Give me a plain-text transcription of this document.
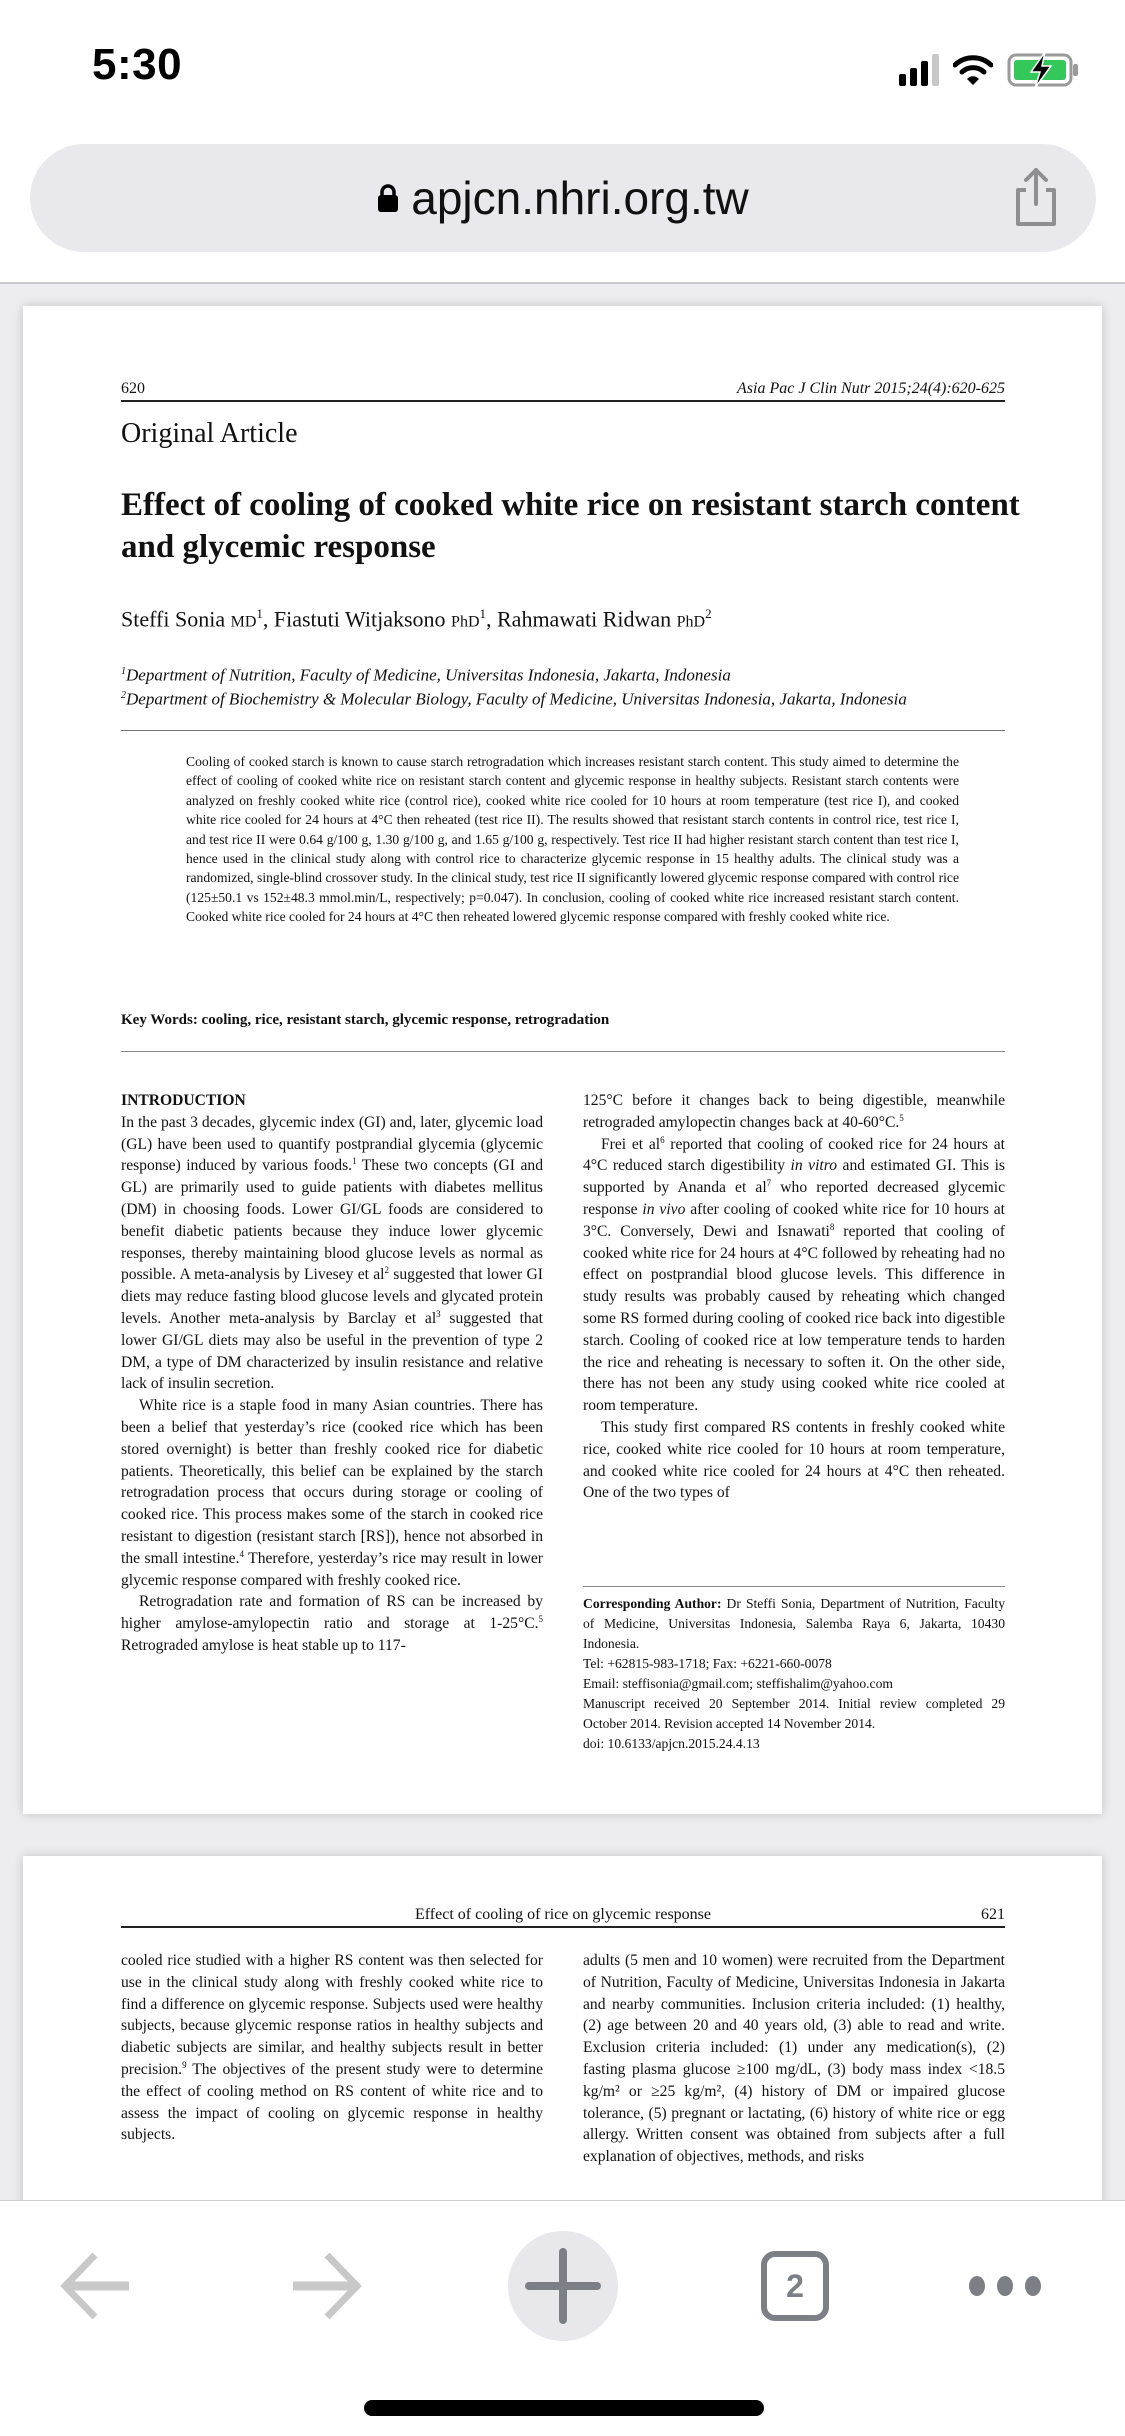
5:30
apjcn.nhri.org.tw
620	Asia Pac J Clin Nutr 2015;24(4):620-625
Original Article
Effect of cooling of cooked white rice on resistant starch content and glycemic response
Steffi Sonia $MD^1$, Fiastuti Witjaksono PhD$^1$, Rahmawati Ridwan PhD$^2$
$^1$Department of Nutrition, Faculty of Medicine, Universitas Indonesia, Jakarta, Indonesia
$^2$Department of Biochemistry & Molecular Biology, Faculty of Medicine, Universitas Indonesia, Jakarta, Indonesia
Cooling of cooked starch is known to cause starch retrogradation which increases resistant starch content. This study aimed to determine the effect of cooling of cooked white rice on resistant starch content and glycemic response in healthy subjects. Resistant starch contents were analyzed on freshly cooked white rice (control rice), cooked white rice cooled for 10 hours at room temperature (test rice I), and cooked white rice cooled for 24 hours at 4°C then reheated (test rice II). The results showed that resistant starch contents in control rice, test rice I, and test rice II were 0.64 g/100 g, 1.30 g/100 g, and 1.65 g/100 g, respectively. Test rice II had higher resistant starch content than test rice I, hence used in the clinical study along with control rice to characterize glycemic response in 15 healthy adults. The clinical study was a randomized, single-blind crossover study. In the clinical study, test rice II significantly lowered glycemic response compared with control rice (125±50.1 vs 152±48.3 mmol.min/L, respectively; p=0.047). In conclusion, cooling of cooked white rice increased resistant starch content. Cooked white rice cooled for 24 hours at 4°C then reheated lowered glycemic response compared with freshly cooked white rice.
Key Words: cooling, rice, resistant starch, glycemic response, retrogradation
INTRODUCTION

In the past 3 decades, glycemic index (GI) and, later, glycemic load (GL) have been used to quantify postprandial glycemia (glycemic response) induced by various foods.$^1$ These two concepts (GI and GL) are primarily used to guide patients with diabetes mellitus (DM) in choosing foods. Lower GI/GL foods are considered to benefit diabetic patients because they induce lower glycemic responses, thereby maintaining blood glucose levels as normal as possible. A meta-analysis by Livesey et $al^2$ suggested that lower GI diets may reduce fasting blood glucose levels and glycated protein levels. Another meta-analysis by Barclay et $al^3$ suggested that lower GI/GL diets may also be useful in the prevention of type 2 DM, a type of DM characterized by insulin resistance and relative lack of insulin secretion.

White rice is a staple food in many Asian countries. There has been a belief that yesterday’s rice (cooked rice which has been stored overnight) is better than freshly cooked rice for diabetic patients. Theoretically, this belief can be explained by the starch retrogradation process that occurs during storage or cooling of cooked rice. This process makes some of the starch in cooked rice resistant to digestion (resistant starch [RS]), hence not absorbed in the small intestine.$^4$ Therefore, yesterday’s rice may result in lower glycemic response compared with freshly cooked rice.

Retrogradation rate and formation of RS can be increased by higher amylose-amylopectin ratio and storage at 1-25°C.$^5$ Retrograded amylose is heat stable up to 117-

125°C before it changes back to being digestible, meanwhile retrograded amylopectin changes back at 40-60°C.$^5$

Frei et $al^6$ reported that cooling of cooked rice for 24 hours at 4°C reduced starch digestibility in vitro and estimated GI. This is supported by Ananda et $al^7$ who reported decreased glycemic response in vivo after cooling of cooked white rice for 10 hours at 3°C. Conversely, Dewi and Isnawati$^8$ reported that cooling of cooked white rice for 24 hours at 4°C followed by reheating had no effect on postprandial blood glucose levels. This difference in study results was probably caused by reheating which changed some RS formed during cooling of cooked rice back into digestible starch. Cooling of cooked rice at low temperature tends to harden the rice and reheating is necessary to soften it. On the other side, there has not been any study using cooked white rice cooled at room temperature.

This study first compared RS contents in freshly cooked white rice, cooked white rice cooled for 10 hours at room temperature, and cooked white rice cooled for 24 hours at 4°C then reheated. One of the two types of

Corresponding Author: Dr Steffi Sonia, Department of Nutrition, Faculty of Medicine, Universitas Indonesia, Salemba Raya 6, Jakarta, 10430 Indonesia.

Tel: +62815-983-1718; Fax: +6221-660-0078

Email: steffisonia@gmail.com; steffishalim@yahoo.com

Manuscript received 20 September 2014. Initial review completed 29 October 2014. Revision accepted 14 November 2014.

doi: 10.6133/apjcn.2015.24.4.13

Effect of cooling of rice on glycemic response	621

cooled rice studied with a higher RS content was then selected for use in the clinical study along with freshly cooked white rice to find a difference on glycemic response. Subjects used were healthy subjects, because glycemic response ratios in healthy subjects and diabetic subjects are similar, and healthy subjects result in better precision.$^9$ The objectives of the present study were to determine the effect of cooling method on RS content of white rice and to assess the impact of cooling on glycemic response in healthy subjects.

adults (5 men and 10 women) were recruited from the Department of Nutrition, Faculty of Medicine, Universitas Indonesia in Jakarta and nearby communities. Inclusion criteria included: (1) healthy, (2) age between 20 and 40 years old, (3) able to read and write. Exclusion criteria included: (1) under any medication(s), (2) fasting plasma glucose ≥100 mg/dL, (3) body mass index <18.5 kg/m² or ≥25 kg/m², (4) history of DM or impaired glucose tolerance, (5) pregnant or lactating, (6) history of white rice or egg allergy. Written consent was obtained from subjects after a full explanation of objectives, methods, and risks

2
